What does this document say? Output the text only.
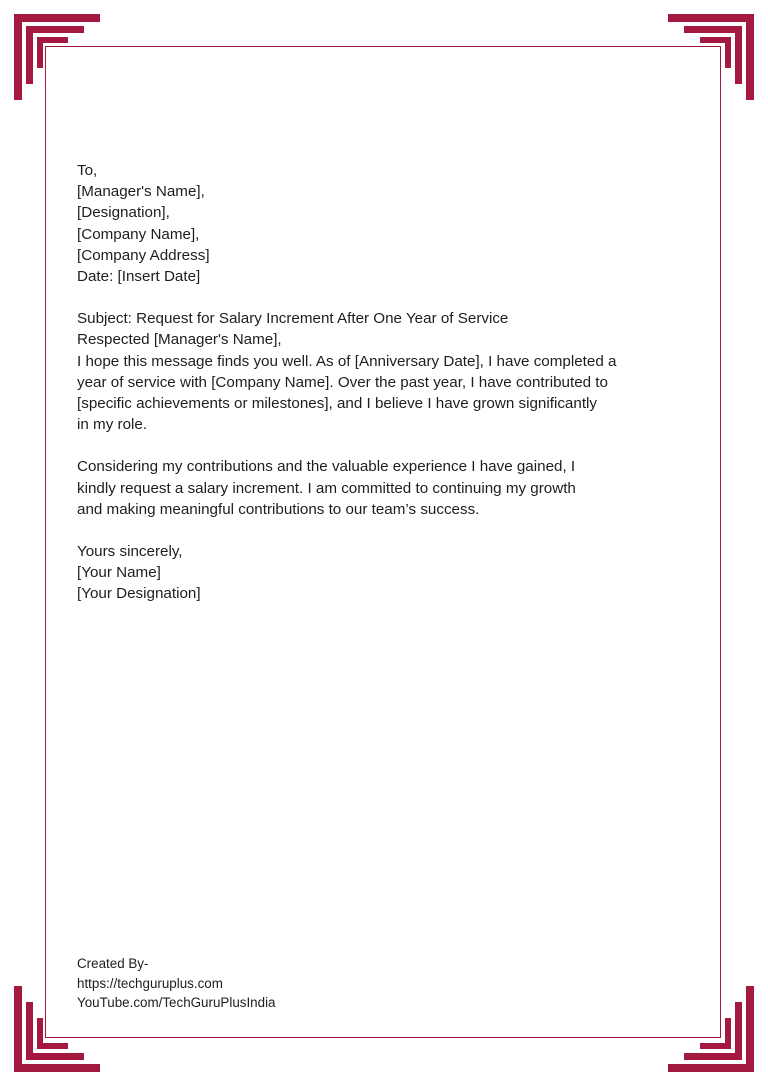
To,

[Manager's Name],

[Designation],

[Company Name],

[Company Address]

Date: [Insert Date]

Subject: Request for Salary Increment After One Year of Service

Respected [Manager's Name],

I hope this message finds you well. As of [Anniversary Date], I have completed a

year of service with [Company Name]. Over the past year, I have contributed to

[specific achievements or milestones], and I believe I have grown significantly

in my role.

Considering my contributions and the valuable experience I have gained, I

kindly request a salary increment. I am committed to continuing my growth

and making meaningful contributions to our team’s success.

Yours sincerely,

[Your Name]

[Your Designation]

Created By-

https://techguruplus.com

YouTube.com/TechGuruPlusIndia
